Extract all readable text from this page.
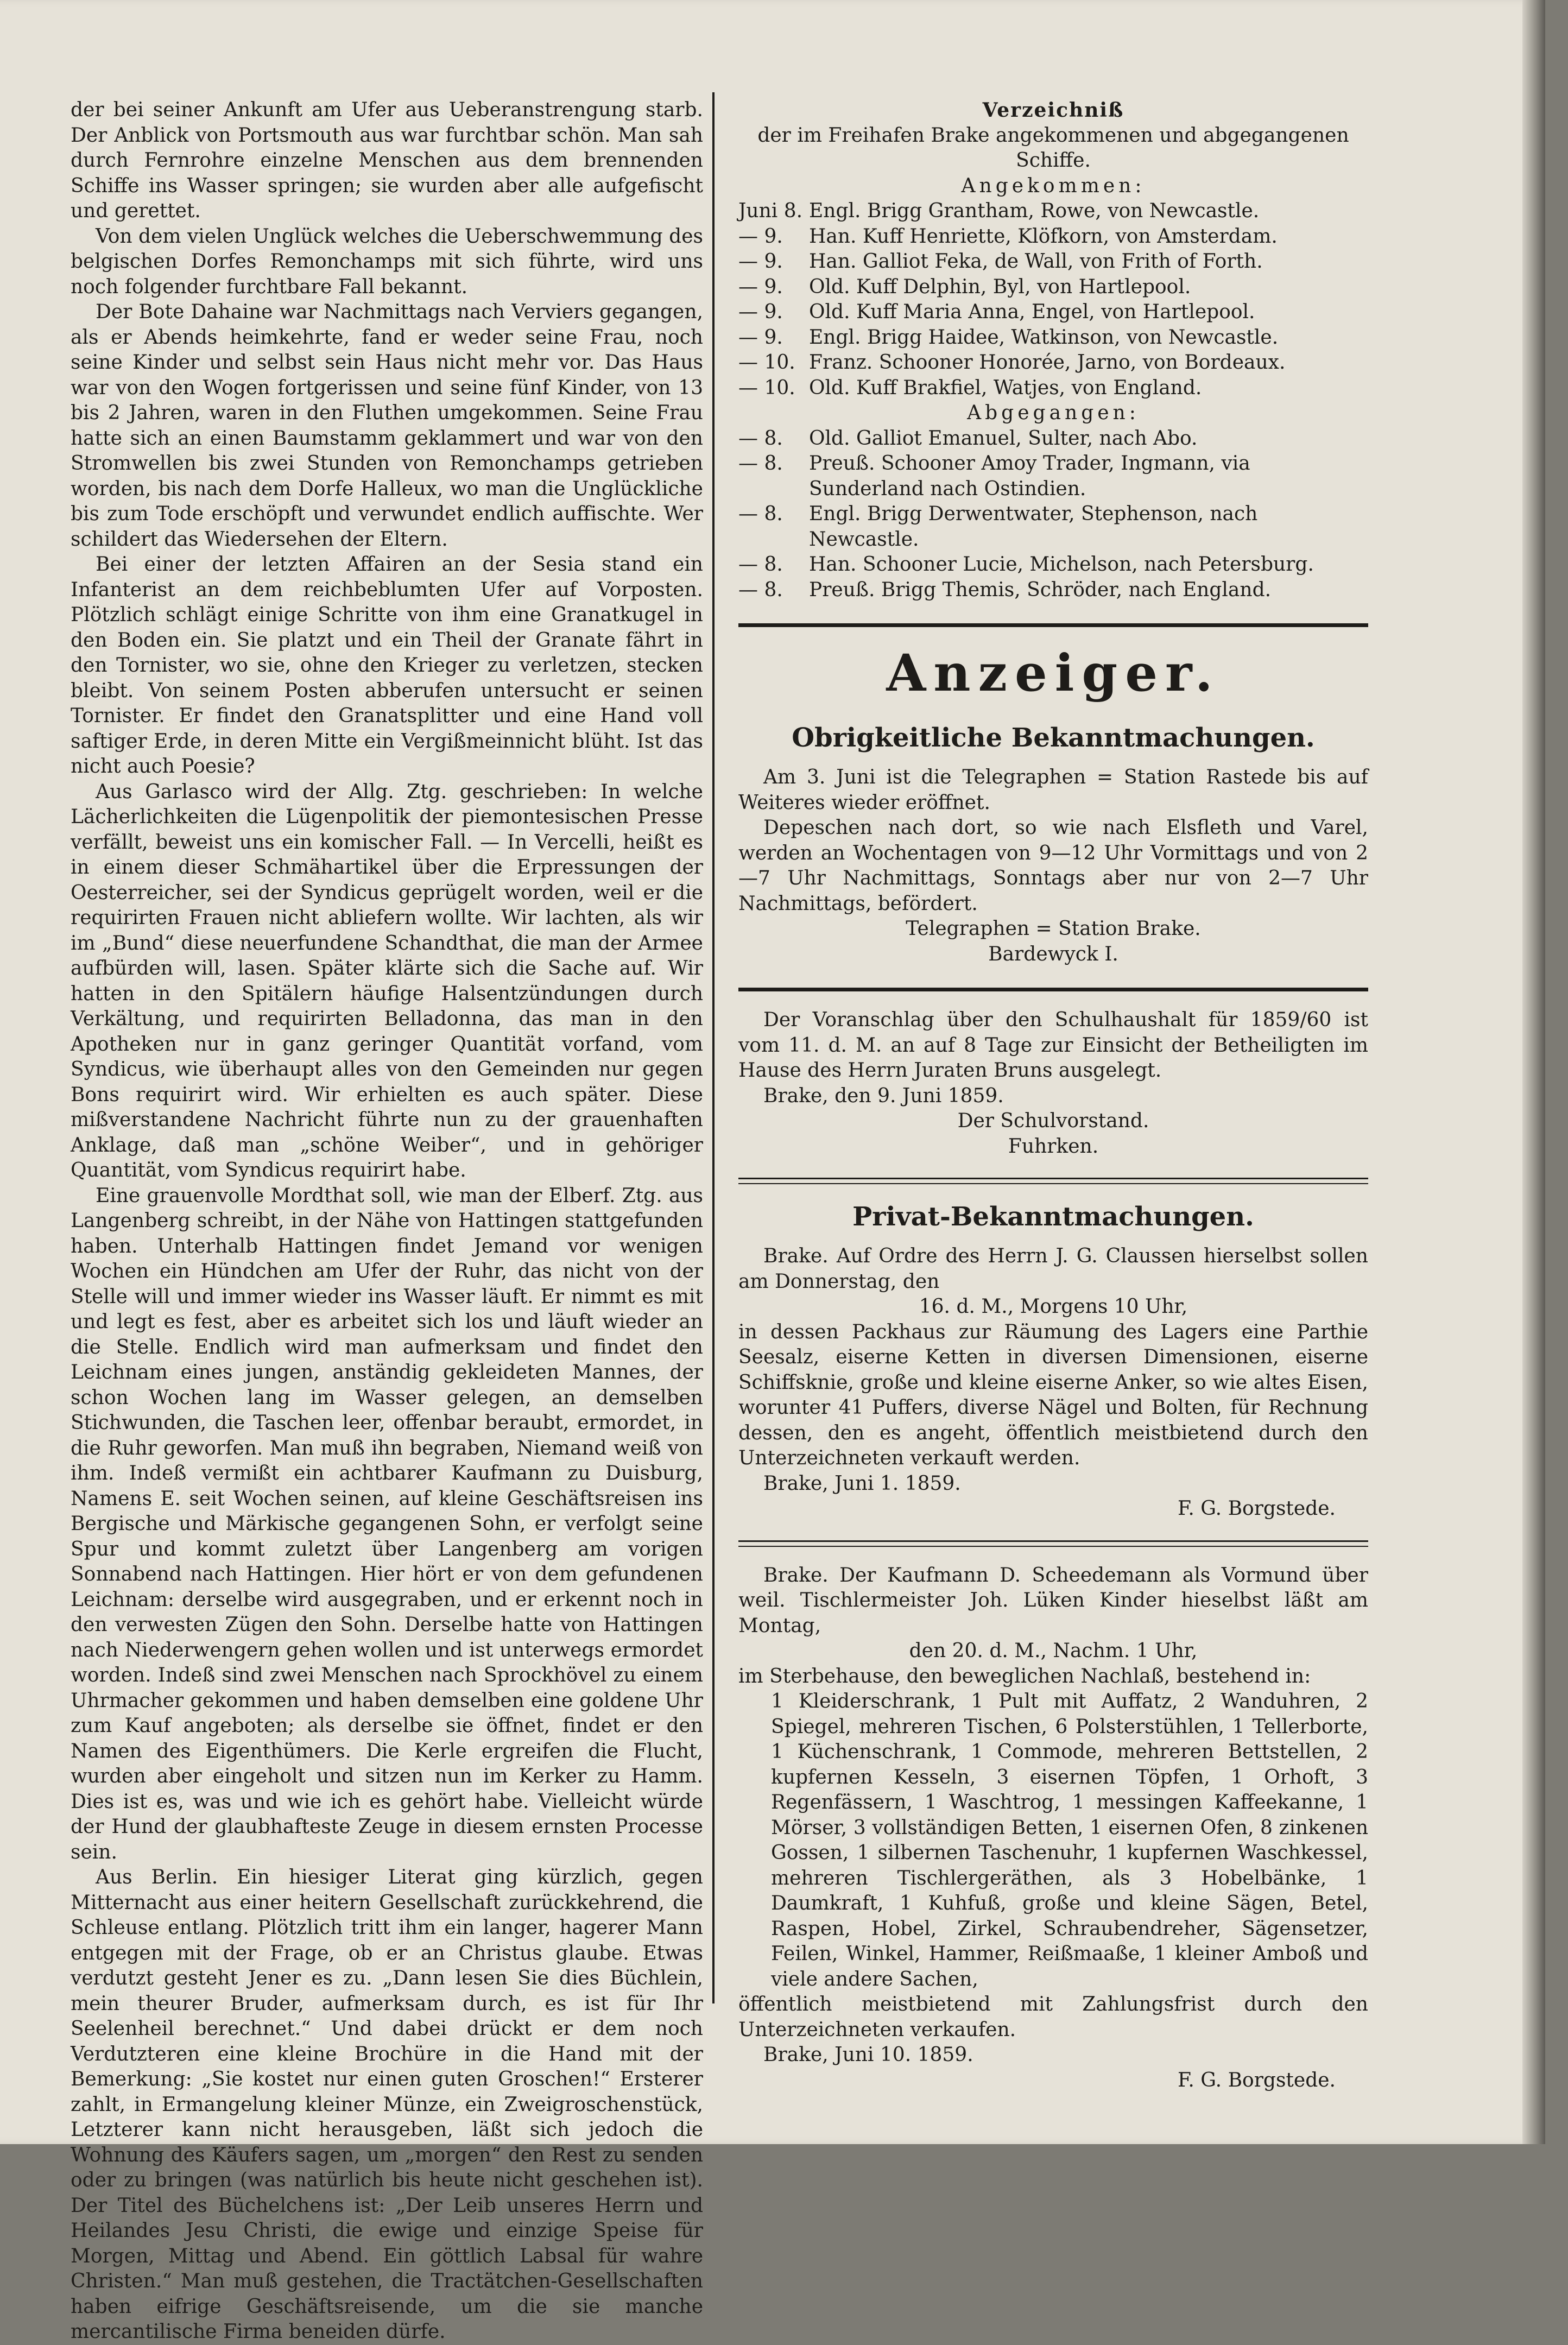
der bei seiner Ankunft am Ufer aus Ueberanstrengung starb. Der Anblick von Portsmouth aus war furchtbar schön. Man sah durch Fernrohre einzelne Menschen aus dem brennenden Schiffe ins Wasser springen; sie wurden aber alle aufgefischt und gerettet.

Von dem vielen Unglück welches die Ueberschwemmung des belgischen Dorfes Remonchamps mit sich führte, wird uns noch folgender furchtbare Fall bekannt.

Der Bote Dahaine war Nachmittags nach Verviers gegangen, als er Abends heimkehrte, fand er weder seine Frau, noch seine Kinder und selbst sein Haus nicht mehr vor. Das Haus war von den Wogen fortgerissen und seine fünf Kinder, von 13 bis 2 Jahren, waren in den Fluthen umgekommen. Seine Frau hatte sich an einen Baumstamm geklammert und war von den Stromwellen bis zwei Stunden von Remonchamps getrieben worden, bis nach dem Dorfe Halleux, wo man die Unglückliche bis zum Tode erschöpft und verwundet endlich auffischte. Wer schildert das Wiedersehen der Eltern.

Bei einer der letzten Affairen an der Sesia stand ein Infanterist an dem reichbeblumten Ufer auf Vorposten. Plötzlich schlägt einige Schritte von ihm eine Granatkugel in den Boden ein. Sie platzt und ein Theil der Granate fährt in den Tornister, wo sie, ohne den Krieger zu verletzen, stecken bleibt. Von seinem Posten abberufen untersucht er seinen Tornister. Er findet den Granatsplitter und eine Hand voll saftiger Erde, in deren Mitte ein Vergißmeinnicht blüht. Ist das nicht auch Poesie?

Aus Garlasco wird der Allg. Ztg. geschrieben: In welche Lächerlichkeiten die Lügenpolitik der piemontesischen Presse verfällt, beweist uns ein komischer Fall. — In Vercelli, heißt es in einem dieser Schmähartikel über die Erpressungen der Oesterreicher, sei der Syndicus geprügelt worden, weil er die requirirten Frauen nicht abliefern wollte. Wir lachten, als wir im „Bund“ diese neuerfundene Schandthat, die man der Armee aufbürden will, lasen. Später klärte sich die Sache auf. Wir hatten in den Spitälern häufige Halsentzündungen durch Verkältung, und requirirten Belladonna, das man in den Apotheken nur in ganz geringer Quantität vorfand, vom Syndicus, wie überhaupt alles von den Gemeinden nur gegen Bons requirirt wird. Wir erhielten es auch später. Diese mißverstandene Nachricht führte nun zu der grauenhaften Anklage, daß man „schöne Weiber“, und in gehöriger Quantität, vom Syndicus requirirt habe.

Eine grauenvolle Mordthat soll, wie man der Elberf. Ztg. aus Langenberg schreibt, in der Nähe von Hattingen stattgefunden haben. Unterhalb Hattingen findet Jemand vor wenigen Wochen ein Hündchen am Ufer der Ruhr, das nicht von der Stelle will und immer wieder ins Wasser läuft. Er nimmt es mit und legt es fest, aber es arbeitet sich los und läuft wieder an die Stelle. Endlich wird man aufmerksam und findet den Leichnam eines jungen, anständig gekleideten Mannes, der schon Wochen lang im Wasser gelegen, an demselben Stichwunden, die Taschen leer, offenbar beraubt, ermordet, in die Ruhr geworfen. Man muß ihn begraben, Niemand weiß von ihm. Indeß vermißt ein achtbarer Kaufmann zu Duisburg, Namens E. seit Wochen seinen, auf kleine Geschäftsreisen ins Bergische und Märkische gegangenen Sohn, er verfolgt seine Spur und kommt zuletzt über Langenberg am vorigen Sonnabend nach Hattingen. Hier hört er von dem gefundenen Leichnam: derselbe wird ausgegraben, und er erkennt noch in den verwesten Zügen den Sohn. Derselbe hatte von Hattingen nach Niederwengern gehen wollen und ist unterwegs ermordet worden. Indeß sind zwei Menschen nach Sprockhövel zu einem Uhrmacher gekommen und haben demselben eine goldene Uhr zum Kauf angeboten; als derselbe sie öffnet, findet er den Namen des Eigenthümers. Die Kerle ergreifen die Flucht, wurden aber eingeholt und sitzen nun im Kerker zu Hamm. Dies ist es, was und wie ich es gehört habe. Vielleicht würde der Hund der glaubhafteste Zeuge in diesem ernsten Processe sein.

Aus Berlin. Ein hiesiger Literat ging kürzlich, gegen Mitternacht aus einer heitern Gesellschaft zurückkehrend, die Schleuse entlang. Plötzlich tritt ihm ein langer, hagerer Mann entgegen mit der Frage, ob er an Christus glaube. Etwas verdutzt gesteht Jener es zu. „Dann lesen Sie dies Büchlein, mein theurer Bruder, aufmerksam durch, es ist für Ihr Seelenheil berechnet.“ Und dabei drückt er dem noch Verdutzteren eine kleine Brochüre in die Hand mit der Bemerkung: „Sie kostet nur einen guten Groschen!“ Ersterer zahlt, in Ermangelung kleiner Münze, ein Zweigroschenstück, Letzterer kann nicht herausgeben, läßt sich jedoch die Wohnung des Käufers sagen, um „morgen“ den Rest zu senden oder zu bringen (was natürlich bis heute nicht geschehen ist). Der Titel des Büchelchens ist: „Der Leib unseres Herrn und Heilandes Jesu Christi, die ewige und einzige Speise für Morgen, Mittag und Abend. Ein göttlich Labsal für wahre Christen.“ Man muß gestehen, die Tractätchen-Gesellschaften haben eifrige Geschäftsreisende, um die sie manche mercantilische Firma beneiden dürfe.

Verzeichniß

der im Freihafen Brake angekommenen und abgegangenen Schiffe.

Angekommen:

Juni 8. Engl. Brigg Grantham, Rowe, von Newcastle.
— 9.	Han. Kuff Henriette, Klöfkorn, von Amsterdam.
— 9.	Han. Galliot Feka, de Wall, von Frith of Forth.
— 9.	Old. Kuff Delphin, Byl, von Hartlepool.
— 9.	Old. Kuff Maria Anna, Engel, von Hartlepool.
— 9.	Engl. Brigg Haidee, Watkinson, von Newcastle.
— 10. Franz. Schooner Honorée, Jarno, von Bordeaux.
— 10. Old. Kuff Brakfiel, Watjes, von England.

Abgegangen:

— 8.	Old. Galliot Emanuel, Sulter, nach Abo.
— 8.	Preuß. Schooner Amoy Trader, Ingmann, via Sunderland nach Ostindien.
— 8.	Engl. Brigg Derwentwater, Stephenson, nach Newcastle.
— 8.	Han. Schooner Lucie, Michelson, nach Petersburg.
— 8.	Preuß. Brigg Themis, Schröder, nach England.
Anzeiger.
Obrigkeitliche Bekanntmachungen.

Am 3. Juni ist die Telegraphen = Station Rastede bis auf Weiteres wieder eröffnet.

Depeschen nach dort, so wie nach Elsfleth und Varel, werden an Wochentagen von 9—12 Uhr Vormittags und von 2—7 Uhr Nachmittags, Sonntags aber nur von 2—7 Uhr Nachmittags, befördert.

Telegraphen = Station Brake.

Bardewyck I.

Der Voranschlag über den Schulhaushalt für 1859/60 ist vom 11. d. M. an auf 8 Tage zur Einsicht der Betheiligten im Hause des Herrn Juraten Bruns ausgelegt.

Brake, den 9. Juni 1859.

Der Schulvorstand.

Fuhrken.

Privat-Bekanntmachungen.

Brake. Auf Ordre des Herrn J. G. Claussen hierselbst sollen am Donnerstag, den

16. d. M., Morgens 10 Uhr,

in dessen Packhaus zur Räumung des Lagers eine Parthie Seesalz, eiserne Ketten in diversen Dimensionen, eiserne Schiffsknie, große und kleine eiserne Anker, so wie altes Eisen, worunter 41 Puffers, diverse Nägel und Bolten, für Rechnung dessen, den es angeht, öffentlich meistbietend durch den Unterzeichneten verkauft werden.

Brake, Juni 1. 1859.

F. G. Borgstede.

Brake. Der Kaufmann D. Scheedemann als Vormund über weil. Tischlermeister Joh. Lüken Kinder hieselbst läßt am Montag,

den 20. d. M., Nachm. 1 Uhr,

im Sterbehause, den beweglichen Nachlaß, bestehend in:

1 Kleiderschrank, 1 Pult mit Auffatz, 2 Wanduhren, 2 Spiegel, mehreren Tischen, 6 Polsterstühlen, 1 Tellerborte, 1 Küchenschrank, 1 Commode, mehreren Bettstellen, 2 kupfernen Kesseln, 3 eisernen Töpfen, 1 Orhoft, 3 Regenfässern, 1 Waschtrog, 1 messingen Kaffeekanne, 1 Mörser, 3 vollständigen Betten, 1 eisernen Ofen, 8 zinkenen Gossen, 1 silbernen Taschenuhr, 1 kupfernen Waschkessel, mehreren Tischlergeräthen, als 3 Hobelbänke, 1 Daumkraft, 1 Kuhfuß, große und kleine Sägen, Betel, Raspen, Hobel, Zirkel, Schraubendreher, Sägensetzer, Feilen, Winkel, Hammer, Reißmaaße, 1 kleiner Amboß und viele andere Sachen,

öffentlich meistbietend mit Zahlungsfrist durch den Unterzeichneten verkaufen.

Brake, Juni 10. 1859.

F. G. Borgstede.
